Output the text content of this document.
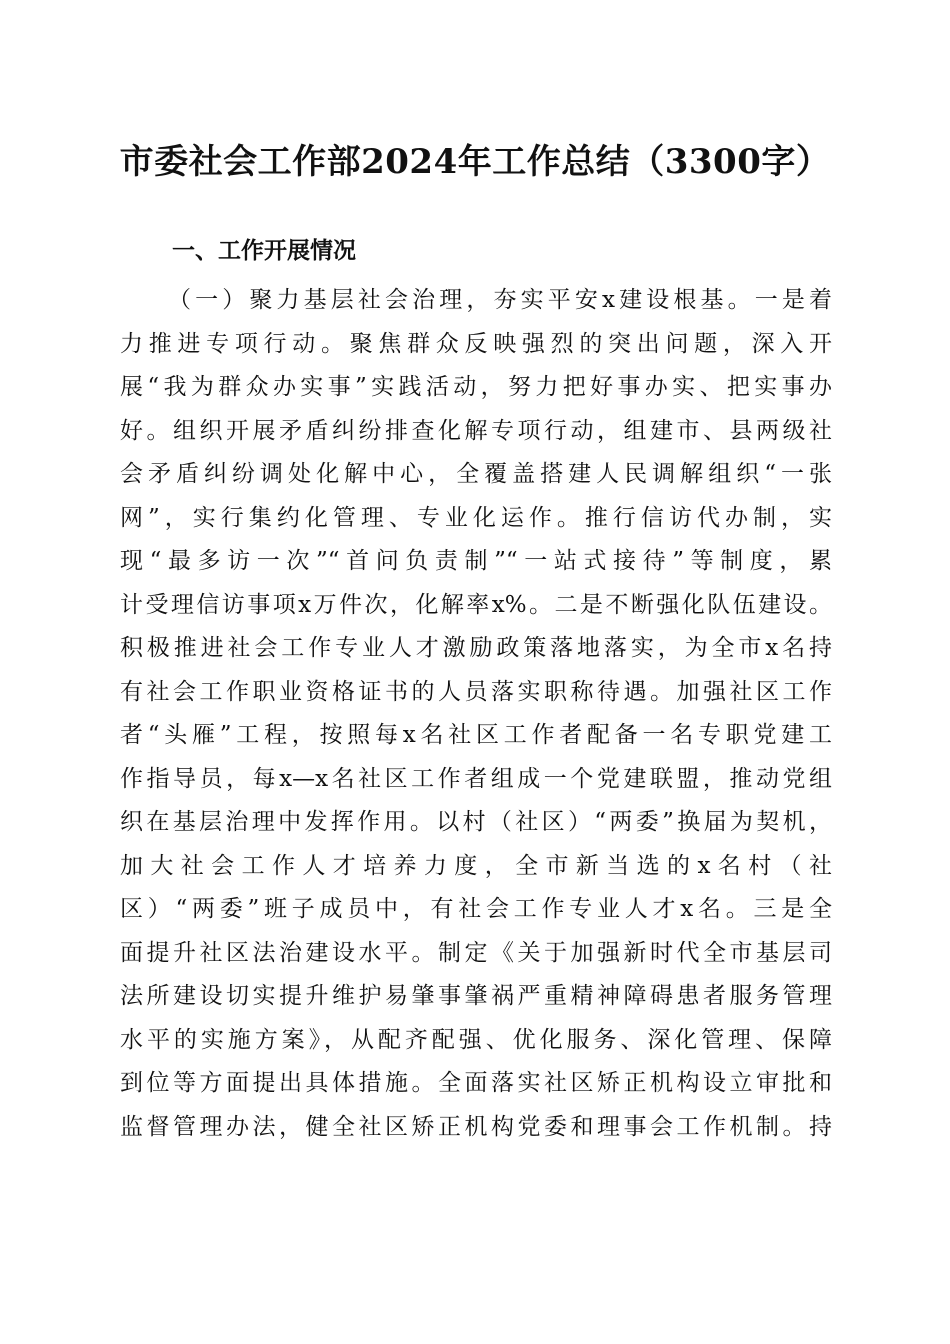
市委社会工作部2024年工作总结（3300字）
一、工作开展情况
（一）聚力基层社会治理，夯实平安x建设根基。一是着
力推进专项行动。聚焦群众反映强烈的突出问题，深入开
展“我为群众办实事”实践活动，努力把好事办实、把实事办
好。组织开展矛盾纠纷排查化解专项行动，组建市、县两级社
会矛盾纠纷调处化解中心，全覆盖搭建人民调解组织“一张
网”，实行集约化管理、专业化运作。推行信访代办制，实
现“最多访一次”“首问负责制”“一站式接待”等制度，累
计受理信访事项x万件次，化解率x%。二是不断强化队伍建设。
积极推进社会工作专业人才激励政策落地落实，为全市x名持
有社会工作职业资格证书的人员落实职称待遇。加强社区工作
者“头雁”工程，按照每x名社区工作者配备一名专职党建工
作指导员，每x—x名社区工作者组成一个党建联盟，推动党组
织在基层治理中发挥作用。以村（社区）“两委”换届为契机，
加大社会工作人才培养力度，全市新当选的x名村（社
区）“两委”班子成员中，有社会工作专业人才x名。三是全
面提升社区法治建设水平。制定《关于加强新时代全市基层司
法所建设切实提升维护易肇事肇祸严重精神障碍患者服务管理
水平的实施方案》，从配齐配强、优化服务、深化管理、保障
到位等方面提出具体措施。全面落实社区矫正机构设立审批和
监督管理办法，健全社区矫正机构党委和理事会工作机制。持
